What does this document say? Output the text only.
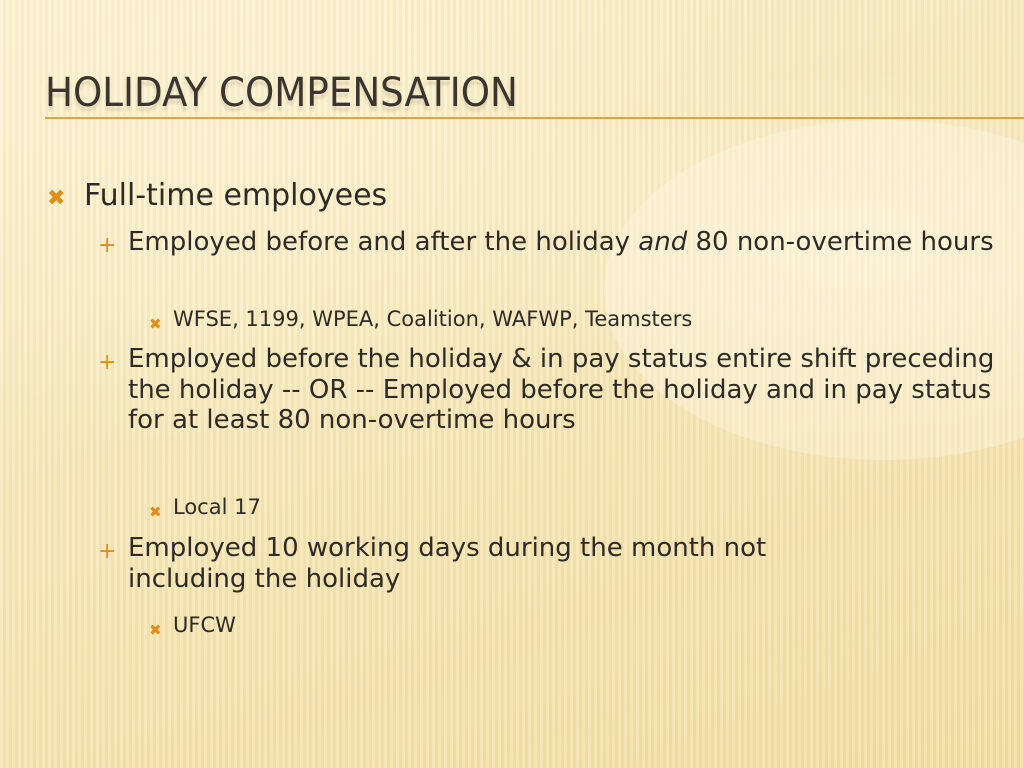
HOLIDAY COMPENSATION
✖ Full-time employees

+ Employed before and after the holiday and 80 non-overtime hours

✖ WFSE, 1199, WPEA, Coalition, WAFWP, Teamsters

+ Employed before the holiday & in pay status entire shift preceding the holiday -- OR -- Employed before the holiday and in pay status for at least 80 non-overtime hours

✖ Local 17

+ Employed 10 working days during the month not including the holiday

✖ UFCW
